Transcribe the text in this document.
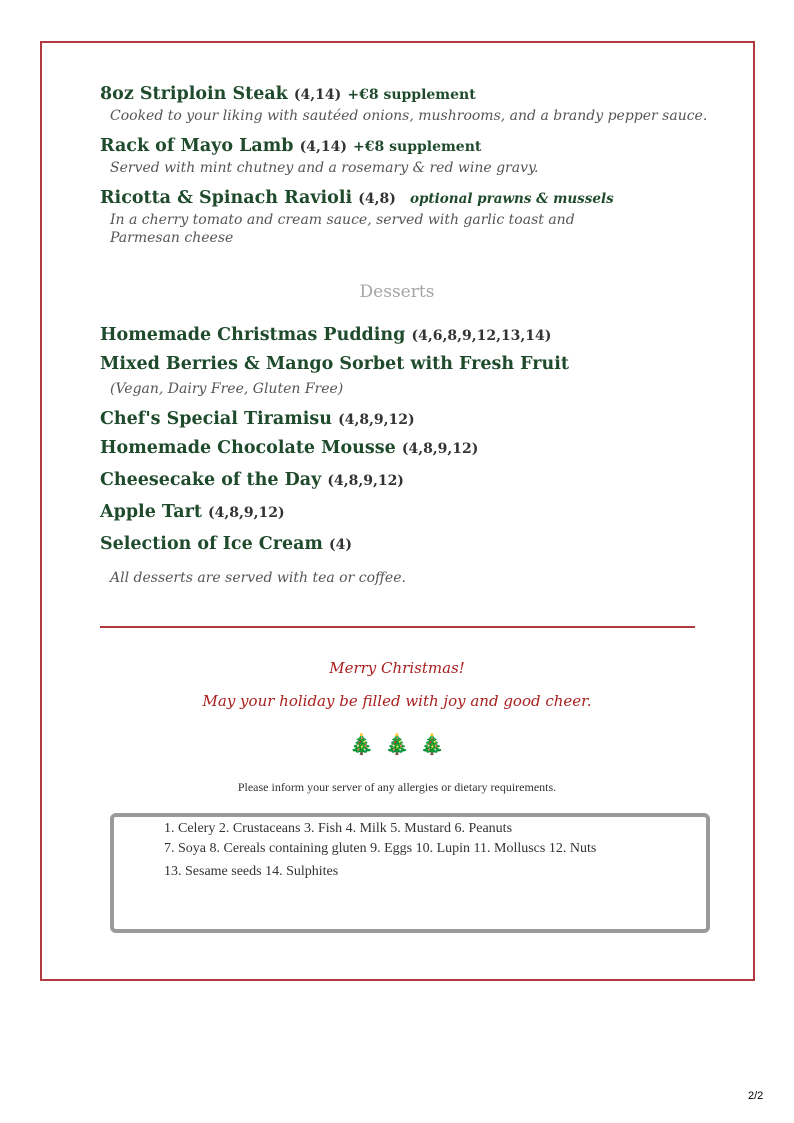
8oz Striploin Steak (4,14) +€8 supplement
Cooked to your liking with sautéed onions, mushrooms, and a brandy pepper sauce.
Rack of Mayo Lamb (4,14) +€8 supplement
Served with mint chutney and a rosemary & red wine gravy.
Ricotta & Spinach Ravioli (4,8) optional prawns & mussels
In a cherry tomato and cream sauce, served with garlic toast and Parmesan cheese
Desserts
Homemade Christmas Pudding (4,6,8,9,12,13,14)
Mixed Berries & Mango Sorbet with Fresh Fruit
(Vegan, Dairy Free, Gluten Free)
Chef's Special Tiramisu (4,8,9,12)
Homemade Chocolate Mousse (4,8,9,12)
Cheesecake of the Day (4,8,9,12)
Apple Tart (4,8,9,12)
Selection of Ice Cream (4)
All desserts are served with tea or coffee.
Merry Christmas!
May your holiday be filled with joy and good cheer.
🎄 🎄 🎄
Please inform your server of any allergies or dietary requirements.
1. Celery 2. Crustaceans 3. Fish 4. Milk 5. Mustard 6. Peanuts
7. Soya 8. Cereals containing gluten 9. Eggs 10. Lupin 11. Molluscs 12. Nuts
13. Sesame seeds 14. Sulphites
2/2
